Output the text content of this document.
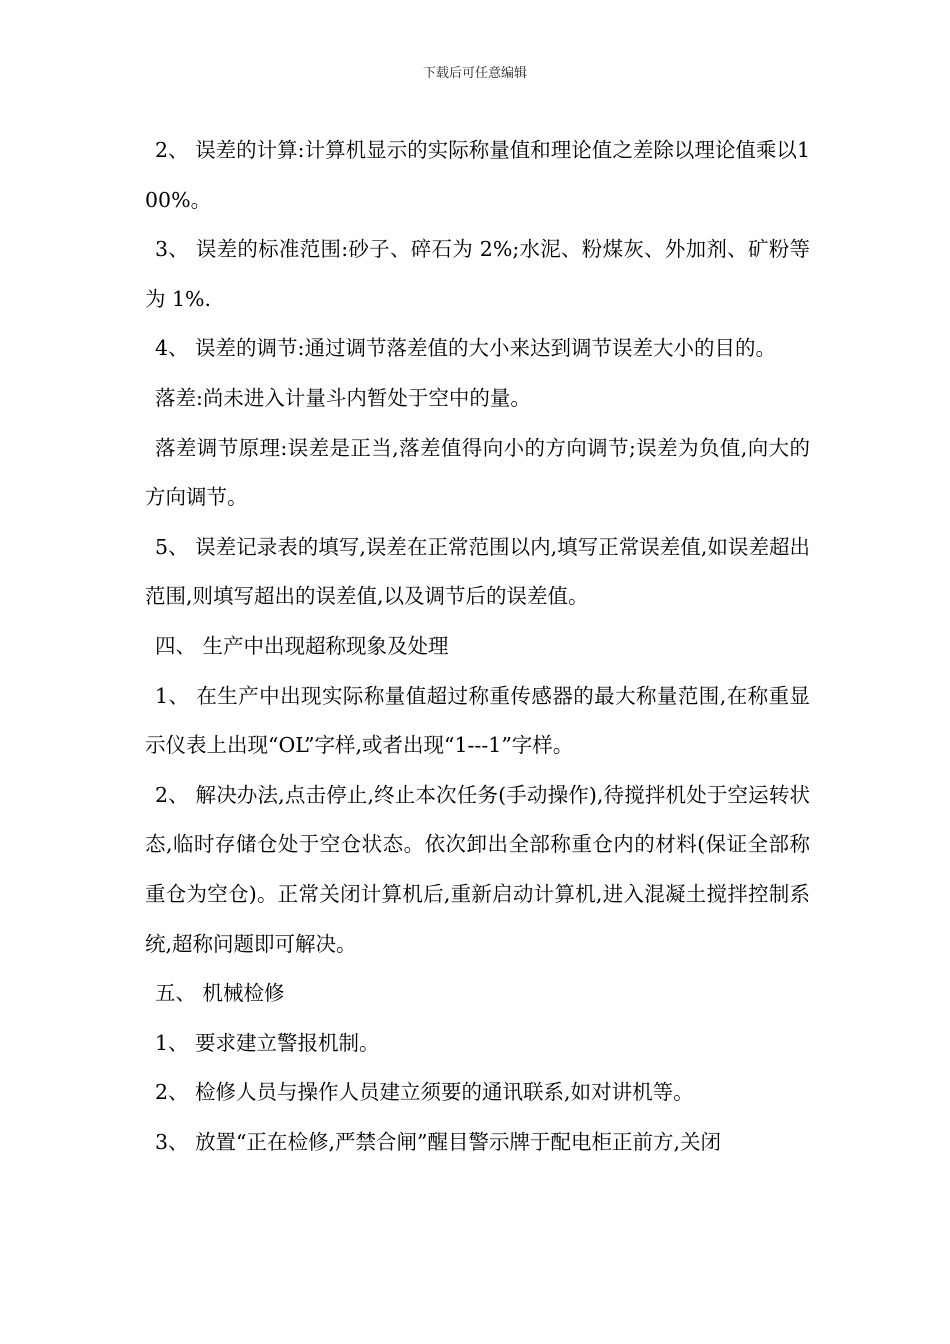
下载后可任意编辑

2、 误差的计算:计算机显示的实际称量值和理论值之差除以理论值乘以100%。

3、 误差的标准范围:砂子、碎石为 2%;水泥、粉煤灰、外加剂、矿粉等为 1%.

4、 误差的调节:通过调节落差值的大小来达到调节误差大小的目的。

落差:尚未进入计量斗内暂处于空中的量。

落差调节原理:误差是正当,落差值得向小的方向调节;误差为负值,向大的方向调节。

5、 误差记录表的填写,误差在正常范围以内,填写正常误差值,如误差超出范围,则填写超出的误差值,以及调节后的误差值。

四、 生产中出现超称现象及处理

1、 在生产中出现实际称量值超过称重传感器的最大称量范围,在称重显示仪表上出现“OL”字样,或者出现“1---1”字样。

2、 解决办法,点击停止,终止本次任务(手动操作),待搅拌机处于空运转状态,临时存储仓处于空仓状态。依次卸出全部称重仓内的材料(保证全部称重仓为空仓)。正常关闭计算机后,重新启动计算机,进入混凝土搅拌控制系统,超称问题即可解决。

五、 机械检修

1、 要求建立警报机制。

2、 检修人员与操作人员建立须要的通讯联系,如对讲机等。

3、 放置“正在检修,严禁合闸”醒目警示牌于配电柜正前方,关闭
